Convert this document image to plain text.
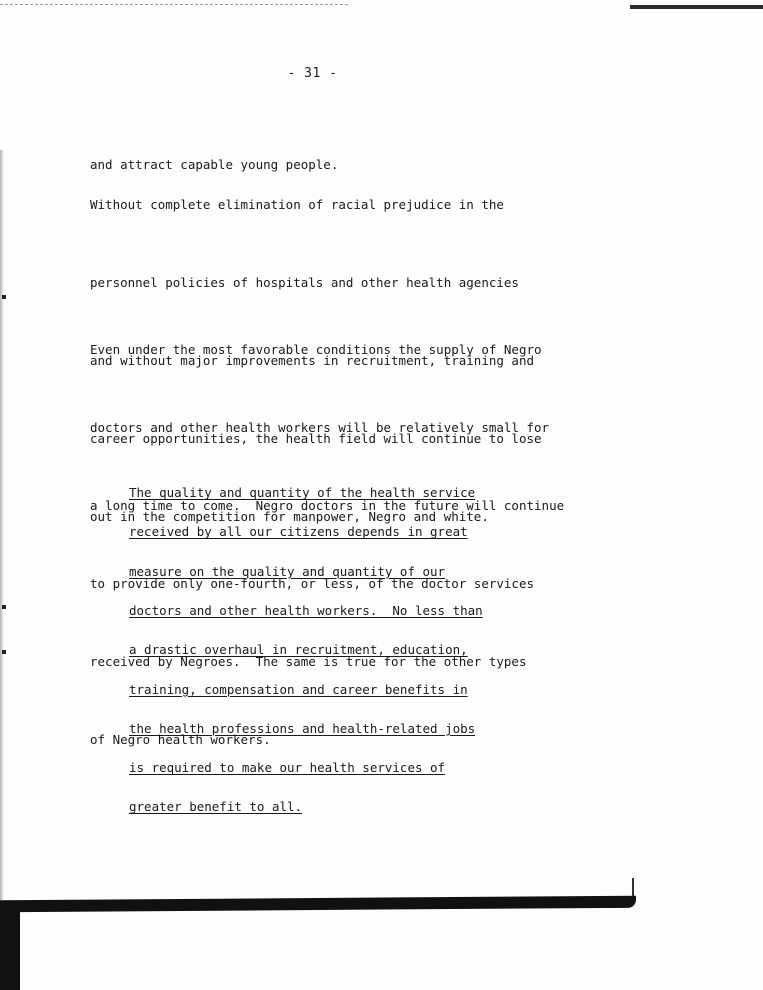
- 31 -

and attract capable young people.

Without complete elimination of racial prejudice in the

personnel policies of hospitals and other health agencies

and without major improvements in recruitment, training and

career opportunities, the health field will continue to lose

out in the competition for manpower, Negro and white.

Even under the most favorable conditions the supply of Negro

doctors and other health workers will be relatively small for

a long time to come.  Negro doctors in the future will continue

to provide only one-fourth, or less, of the doctor services

received by Negroes.  The same is true for the other types

of Negro health workers.

The quality and quantity of the health service

received by all our citizens depends in great

measure on the quality and quantity of our

doctors and other health workers.  No less than

a drastic overhaul in recruitment, education,

training, compensation and career benefits in

the health professions and health-related jobs

is required to make our health services of

greater benefit to all.
